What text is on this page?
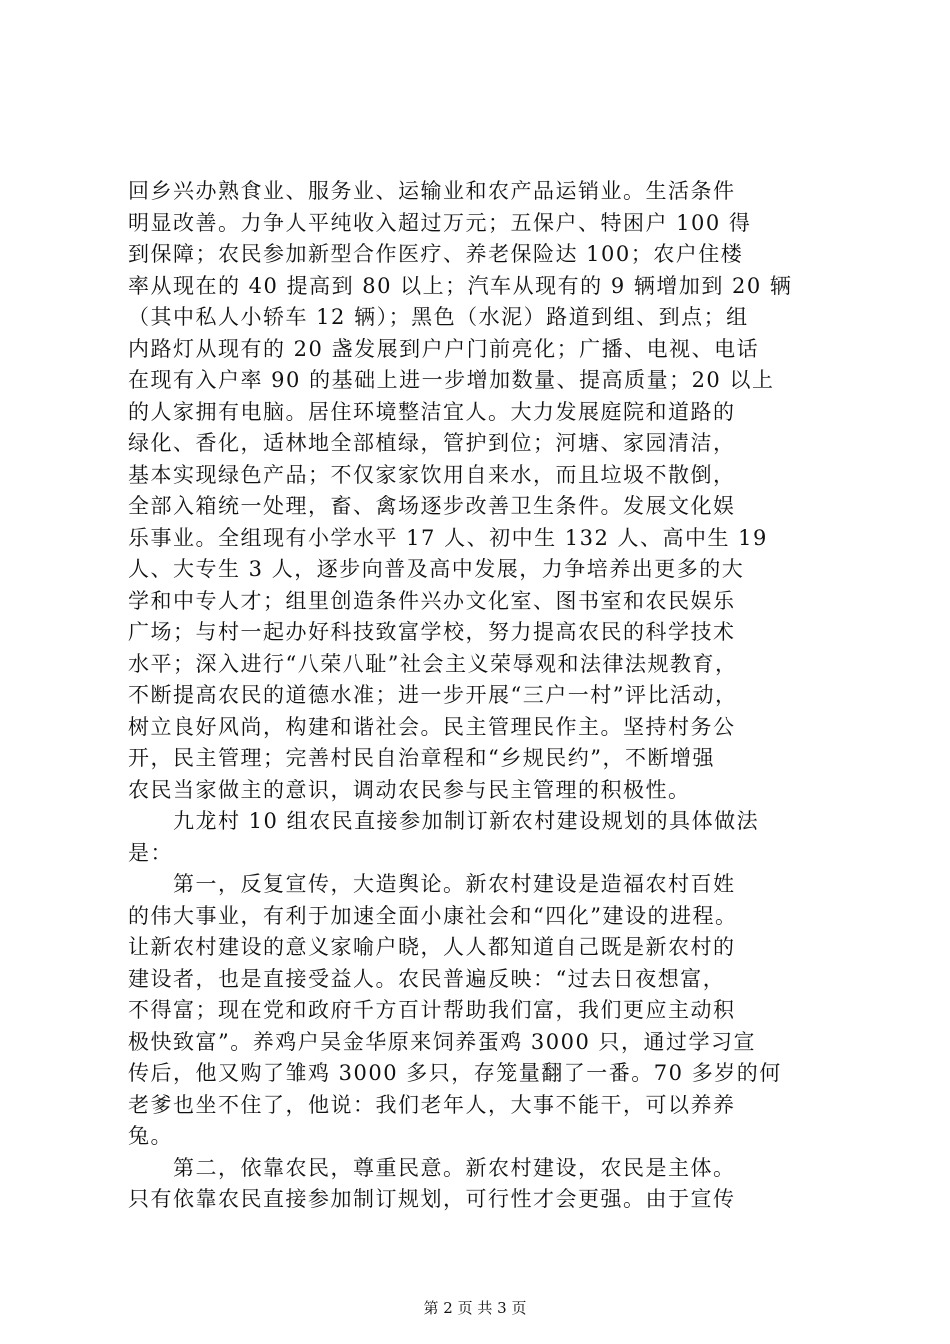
回乡兴办熟食业、服务业、运输业和农产品运销业。生活条件
明显改善。力争人平纯收入超过万元；五保户、特困户 100 得
到保障；农民参加新型合作医疗、养老保险达 100；农户住楼
率从现在的 40 提高到 80 以上；汽车从现有的 9 辆增加到 20 辆
（其中私人小轿车 12 辆）；黑色（水泥）路道到组、到点；组
内路灯从现有的 20 盏发展到户户门前亮化；广播、电视、电话
在现有入户率 90 的基础上进一步增加数量、提高质量；20 以上
的人家拥有电脑。居住环境整洁宜人。大力发展庭院和道路的
绿化、香化，适林地全部植绿，管护到位；河塘、家园清洁，
基本实现绿色产品；不仅家家饮用自来水，而且垃圾不散倒，
全部入箱统一处理，畜、禽场逐步改善卫生条件。发展文化娱
乐事业。全组现有小学水平 17 人、初中生 132 人、高中生 19
人、大专生 3 人，逐步向普及高中发展，力争培养出更多的大
学和中专人才；组里创造条件兴办文化室、图书室和农民娱乐
广场；与村一起办好科技致富学校，努力提高农民的科学技术
水平；深入进行“八荣八耻”社会主义荣辱观和法律法规教育，
不断提高农民的道德水准；进一步开展“三户一村”评比活动，
树立良好风尚，构建和谐社会。民主管理民作主。坚持村务公
开，民主管理；完善村民自治章程和“乡规民约”，不断增强
农民当家做主的意识，调动农民参与民主管理的积极性。
　　九龙村 10 组农民直接参加制订新农村建设规划的具体做法
是：
　　第一，反复宣传，大造舆论。新农村建设是造福农村百姓
的伟大事业，有利于加速全面小康社会和“四化”建设的进程。
让新农村建设的意义家喻户晓，人人都知道自己既是新农村的
建设者，也是直接受益人。农民普遍反映：“过去日夜想富，
不得富；现在党和政府千方百计帮助我们富，我们更应主动积
极快致富”。养鸡户吴金华原来饲养蛋鸡 3000 只，通过学习宣
传后，他又购了雏鸡 3000 多只，存笼量翻了一番。70 多岁的何
老爹也坐不住了，他说：我们老年人，大事不能干，可以养养
兔。
　　第二，依靠农民，尊重民意。新农村建设，农民是主体。
只有依靠农民直接参加制订规划，可行性才会更强。由于宣传
第 2 页 共 3 页
